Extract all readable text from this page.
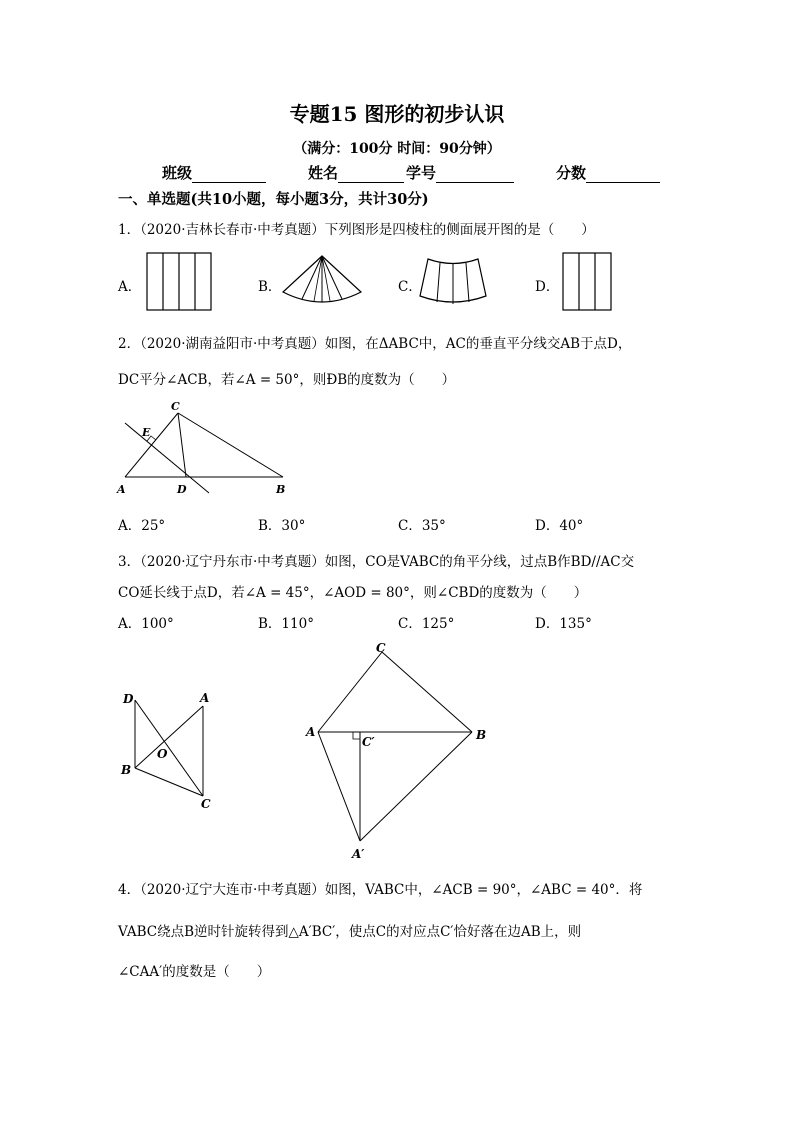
专题15 图形的初步认识
（满分：100分 时间：90分钟）
班级	姓名	学号	分数
一、单选题(共10小题，每小题3分，共计30分)
1．（2020·吉林长春市·中考真题）下列图形是四棱柱的侧面展开图的是（　　）
A．	B．	C．	D．
2．（2020·湖南益阳市·中考真题）如图，在ΔABC中，AC的垂直平分线交AB于点D，
DC平分∠ACB，若∠A = 50°，则ÐB的度数为（　　）
A	B
C
D
E
A．25°	B．30°	C．35°	D．40°
3．（2020·辽宁丹东市·中考真题）如图，CO是VABC的角平分线，过点B作BD//AC交
CO延长线于点D，若∠A = 45°，∠AOD = 80°，则∠CBD的度数为（　　）
A．100°	B．110°	C．125°	D．135°
D	A
B
C
O
C
A	B
C′
A′
4．（2020·辽宁大连市·中考真题）如图，VABC中，∠ACB = 90°，∠ABC = 40°．将
VABC绕点B逆时针旋转得到△A′BC′，使点C的对应点C′恰好落在边AB上，则
∠CAA′的度数是（　　）
